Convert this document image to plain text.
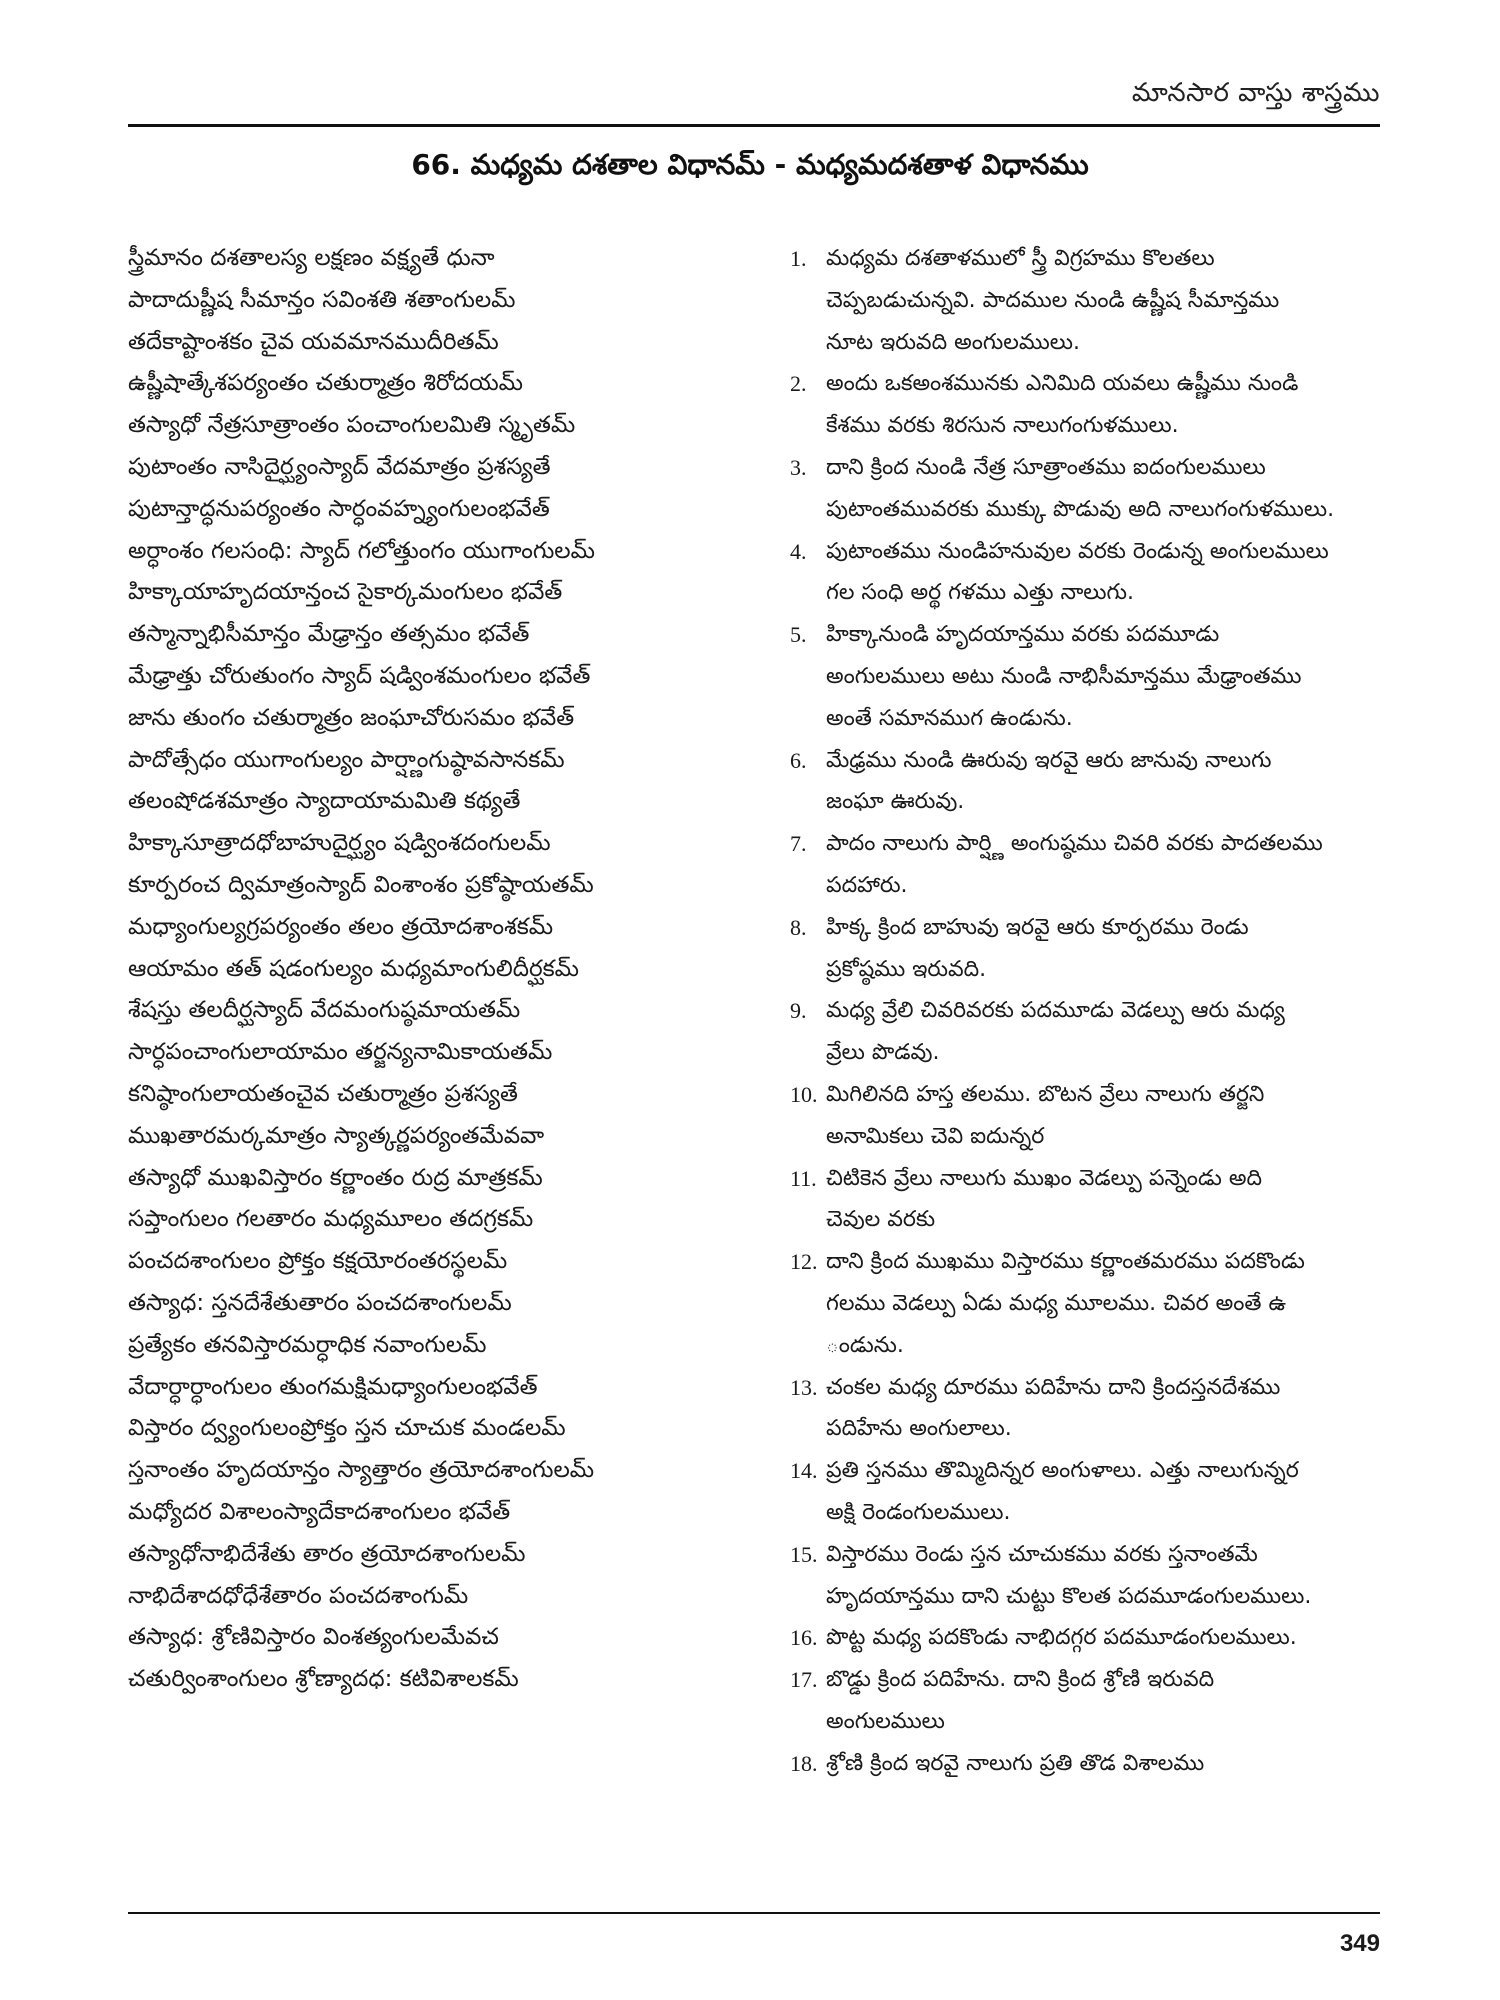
మానసార వాస్తు శాస్త్రము
66. మధ్యమ దశతాల విధానమ్ - మధ్యమదశతాళ విధానము
స్త్రీమానం దశతాలస్య లక్షణం వక్ష్యతే ధునా
పాదాదుష్ణీష సీమాన్తం సవింశతి శతాంగులమ్
తదేకాష్టాంశకం చైవ యవమానముదీరితమ్
ఉష్ణీషాత్కేశపర్యంతం చతుర్మాత్రం శిరోదయమ్
తస్యాధో నేత్రసూత్రాంతం పంచాంగులమితి స్మృతమ్
పుటాంతం నాసిదైర్ఘ్యంస్యాద్ వేదమాత్రం ప్రశస్యతే
పుటాన్తాద్ధనుపర్యంతం సార్ధంవహ్న్యంగులంభవేత్
అర్ధాంశం గలసంధి: స్యాద్ గలోత్తుంగం యుగాంగులమ్
హిక్కాయాహృదయాన్తంచ సైకార్కమంగులం భవేత్
తస్మాన్నాభిసీమాన్తం మేఢ్రాన్తం తత్సమం భవేత్
మేఢ్రాత్తు చోరుతుంగం స్యాద్ షడ్వింశమంగులం భవేత్
జాను తుంగం చతుర్మాత్రం జంఘాచోరుసమం భవేత్
పాదోత్సేధం యుగాంగుల్యం పార్ష్ణాంగుష్ఠావసానకమ్
తలంషోడశమాత్రం స్యాదాయామమితి కథ్యతే
హిక్కాసూత్రాదధోబాహుదైర్ఘ్యం షడ్వింశదంగులమ్
కూర్పరంచ ద్విమాత్రంస్యాద్ వింశాంశం ప్రకోష్ఠాయతమ్
మధ్యాంగుల్యగ్రపర్యంతం తలం త్రయోదశాంశకమ్
ఆయామం తత్ షడంగుల్యం మధ్యమాంగులిదీర్ఘకమ్
శేషస్తు తలదీర్ఘస్యాద్ వేదమంగుష్ఠమాయతమ్
సార్ధపంచాంగులాయామం తర్జన్యనామికాయతమ్
కనిష్ఠాంగులాయతంచైవ చతుర్మాత్రం ప్రశస్యతే
ముఖతారమర్కమాత్రం స్యాత్కర్ణపర్యంతమేవవా
తస్యాధో ముఖవిస్తారం కర్ణాంతం రుద్ర మాత్రకమ్
సప్తాంగులం గలతారం మధ్యమూలం తదగ్రకమ్
పంచదశాంగులం ప్రోక్తం కక్షయోరంతరస్థలమ్
తస్యాధ: స్తనదేశేతుతారం పంచదశాంగులమ్
ప్రత్యేకం తనవిస్తారమర్ధాధిక నవాంగులమ్
వేదార్ధార్ధాంగులం తుంగమక్షిమధ్యాంగులంభవేత్
విస్తారం ద్వ్యంగులంప్రోక్తం స్తన చూచుక మండలమ్
స్తనాంతం హృదయాన్తం స్యాత్తారం త్రయోదశాంగులమ్
మధ్యోదర విశాలంస్యాదేకాదశాంగులం భవేత్
తస్యాధోనాభిదేశేతు తారం త్రయోదశాంగులమ్
నాభిదేశాదధోధేశేతారం పంచదశాంగుమ్
తస్యాధ: శ్రోణివిస్తారం వింశత్యంగులమేవచ
చతుర్వింశాంగులం శ్రోణ్యాదధ: కటివిశాలకమ్
1. మధ్యమ దశతాళములో స్త్రీ విగ్రహము కొలతలు
చెప్పబడుచున్నవి. పాదముల నుండి ఉష్ణీష సీమాన్తము
నూట ఇరువది అంగులములు.
2. అందు ఒకఅంశమునకు ఎనిమిది యవలు ఉష్ణీము నుండి
కేశము వరకు శిరసున నాలుగంగుళములు.
3. దాని క్రింద నుండి నేత్ర సూత్రాంతము ఐదంగులములు
పుటాంతమువరకు ముక్కు పొడువు అది నాలుగంగుళములు.
4. పుటాంతము నుండిహనువుల వరకు రెండున్న అంగులములు
గల సంధి అర్థ గళము ఎత్తు నాలుగు.
5. హిక్కానుండి హృదయాన్తము వరకు పదమూడు
అంగులములు అటు నుండి నాభిసీమాన్తము మేఢ్రాంతము
అంతే సమానముగ ఉండును.
6. మేఢ్రము నుండి ఊరువు ఇరవై ఆరు జానువు నాలుగు
జంఘా ఊరువు.
7. పాదం నాలుగు పార్ష్ణి అంగుష్ఠము చివరి వరకు పాదతలము
పదహారు.
8. హిక్క క్రింద బాహువు ఇరవై ఆరు కూర్పరము రెండు
ప్రకోష్ఠము ఇరువది.
9. మధ్య వ్రేలి చివరివరకు పదమూడు వెడల్పు ఆరు మధ్య
వ్రేలు పొడవు.
10. మిగిలినది హస్త తలము. బొటన వ్రేలు నాలుగు తర్జని
అనామికలు చెవి ఐదున్నర
11. చిటికెన వ్రేలు నాలుగు ముఖం వెడల్పు పన్నెండు అది
చెవుల వరకు
12. దాని క్రింద ముఖము విస్తారము కర్ణాంతమరము పదకొండు
గలము వెడల్పు ఏడు మధ్య మూలము. చివర అంతే ఉ
ండును.
13. చంకల మధ్య దూరము పదిహేను దాని క్రిందస్తనదేశము
పదిహేను అంగులాలు.
14. ప్రతి స్తనము తొమ్మిదిన్నర అంగుళాలు. ఎత్తు నాలుగున్నర
అక్షి రెండంగులములు.
15. విస్తారము రెండు స్తన చూచుకము వరకు స్తనాంతమే
హృదయాన్తము దాని చుట్టు కొలత పదమూడంగులములు.
16. పొట్ట మధ్య పదకొండు నాభిదగ్గర పదమూడంగులములు.
17. బొడ్డు క్రింద పదిహేను. దాని క్రింద శ్రోణి ఇరువది
అంగులములు
18. శ్రోణి క్రింద ఇరవై నాలుగు ప్రతి తొడ విశాలము
349
